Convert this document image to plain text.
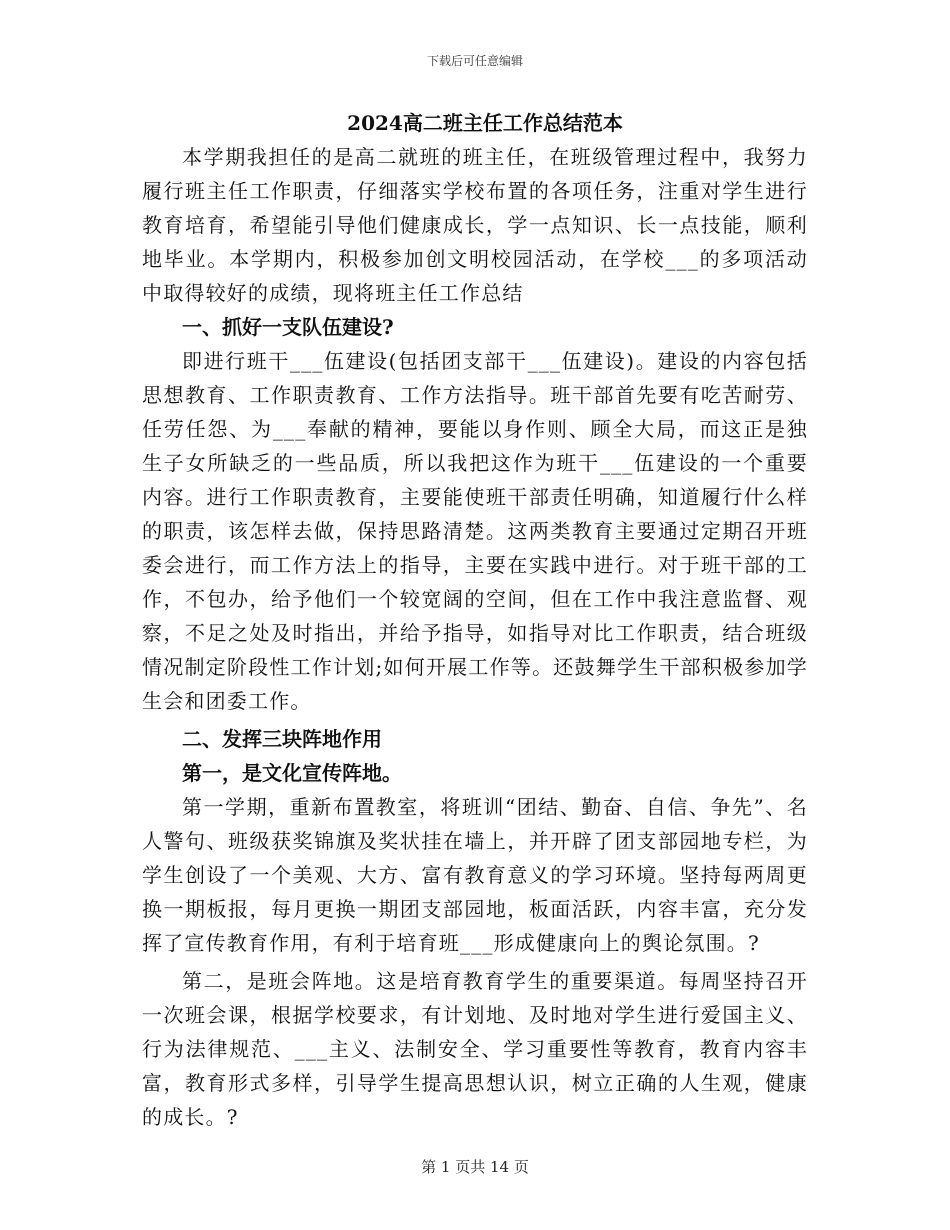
下载后可任意编辑
2024高二班主任工作总结范本

本学期我担任的是高二就班的班主任，在班级管理过程中，我努力履行班主任工作职责，仔细落实学校布置的各项任务，注重对学生进行教育培育，希望能引导他们健康成长，学一点知识、长一点技能，顺利地毕业。本学期内，积极参加创文明校园活动，在学校___的多项活动中取得较好的成绩，现将班主任工作总结

一、抓好一支队伍建设?

即进行班干___伍建设(包括团支部干___伍建设)。建设的内容包括思想教育、工作职责教育、工作方法指导。班干部首先要有吃苦耐劳、任劳任怨、为___奉献的精神，要能以身作则、顾全大局，而这正是独生子女所缺乏的一些品质，所以我把这作为班干___伍建设的一个重要内容。进行工作职责教育，主要能使班干部责任明确，知道履行什么样的职责，该怎样去做，保持思路清楚。这两类教育主要通过定期召开班委会进行，而工作方法上的指导，主要在实践中进行。对于班干部的工作，不包办，给予他们一个较宽阔的空间，但在工作中我注意监督、观察，不足之处及时指出，并给予指导，如指导对比工作职责，结合班级情况制定阶段性工作计划;如何开展工作等。还鼓舞学生干部积极参加学生会和团委工作。

二、发挥三块阵地作用
第一，是文化宣传阵地。

第一学期，重新布置教室，将班训“团结、勤奋、自信、争先”、名人警句、班级获奖锦旗及奖状挂在墙上，并开辟了团支部园地专栏，为学生创设了一个美观、大方、富有教育意义的学习环境。坚持每两周更换一期板报，每月更换一期团支部园地，板面活跃，内容丰富，充分发挥了宣传教育作用，有利于培育班___形成健康向上的舆论氛围。?

第二，是班会阵地。这是培育教育学生的重要渠道。每周坚持召开一次班会课，根据学校要求，有计划地、及时地对学生进行爱国主义、行为法律规范、___主义、法制安全、学习重要性等教育，教育内容丰富，教育形式多样，引导学生提高思想认识，树立正确的人生观，健康的成长。?

第 1 页共 14 页
